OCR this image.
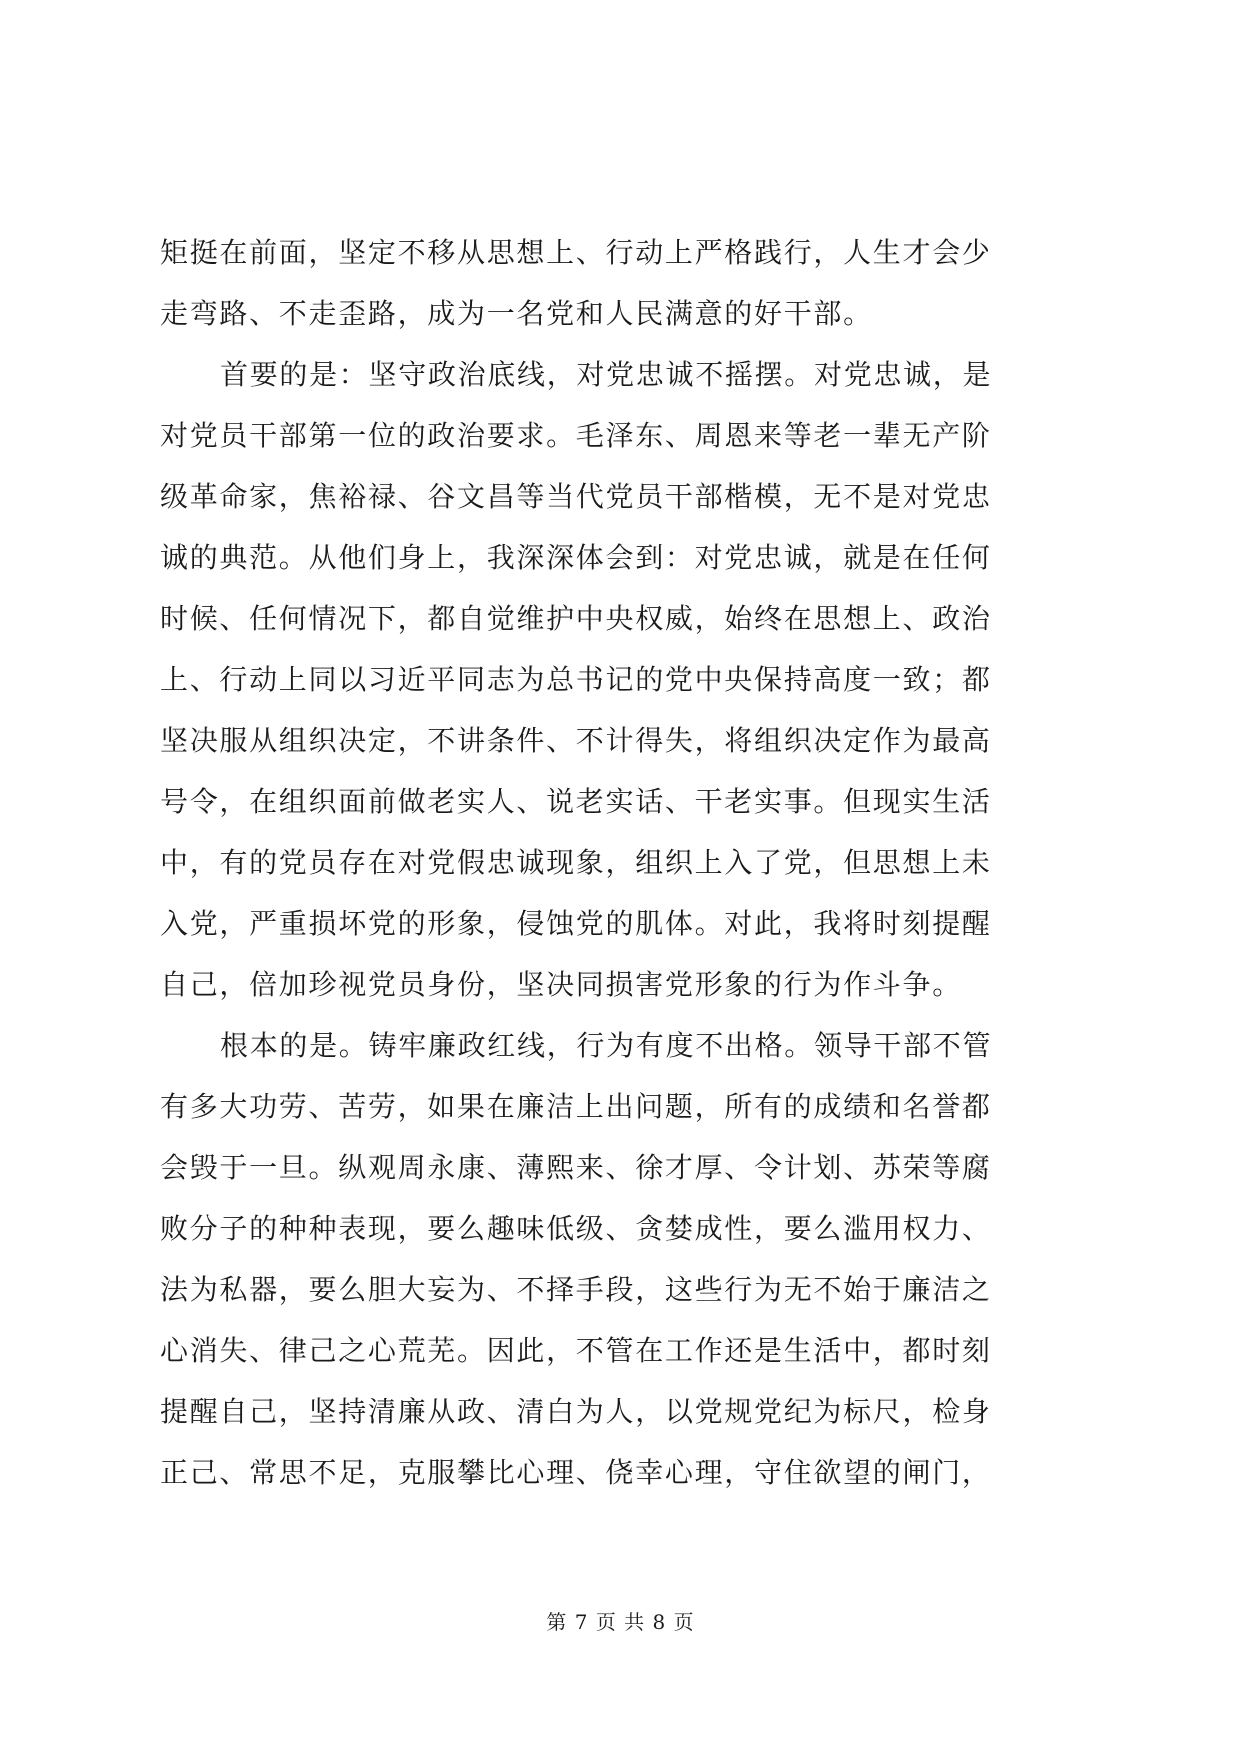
矩挺在前面，坚定不移从思想上、行动上严格践行，人生才会少
走弯路、不走歪路，成为一名党和人民满意的好干部。
首要的是：坚守政治底线，对党忠诚不摇摆。对党忠诚，是
对党员干部第一位的政治要求。毛泽东、周恩来等老一辈无产阶
级革命家，焦裕禄、谷文昌等当代党员干部楷模，无不是对党忠
诚的典范。从他们身上，我深深体会到：对党忠诚，就是在任何
时候、任何情况下，都自觉维护中央权威，始终在思想上、政治
上、行动上同以习近平同志为总书记的党中央保持高度一致；都
坚决服从组织决定，不讲条件、不计得失，将组织决定作为最高
号令，在组织面前做老实人、说老实话、干老实事。但现实生活
中，有的党员存在对党假忠诚现象，组织上入了党，但思想上未
入党，严重损坏党的形象，侵蚀党的肌体。对此，我将时刻提醒
自己，倍加珍视党员身份，坚决同损害党形象的行为作斗争。
根本的是。铸牢廉政红线，行为有度不出格。领导干部不管
有多大功劳、苦劳，如果在廉洁上出问题，所有的成绩和名誉都
会毁于一旦。纵观周永康、薄熙来、徐才厚、令计划、苏荣等腐
败分子的种种表现，要么趣味低级、贪婪成性，要么滥用权力、
法为私器，要么胆大妄为、不择手段，这些行为无不始于廉洁之
心消失、律己之心荒芜。因此，不管在工作还是生活中，都时刻
提醒自己，坚持清廉从政、清白为人，以党规党纪为标尺，检身
正己、常思不足，克服攀比心理、侥幸心理，守住欲望的闸门，
第 7 页 共 8 页
